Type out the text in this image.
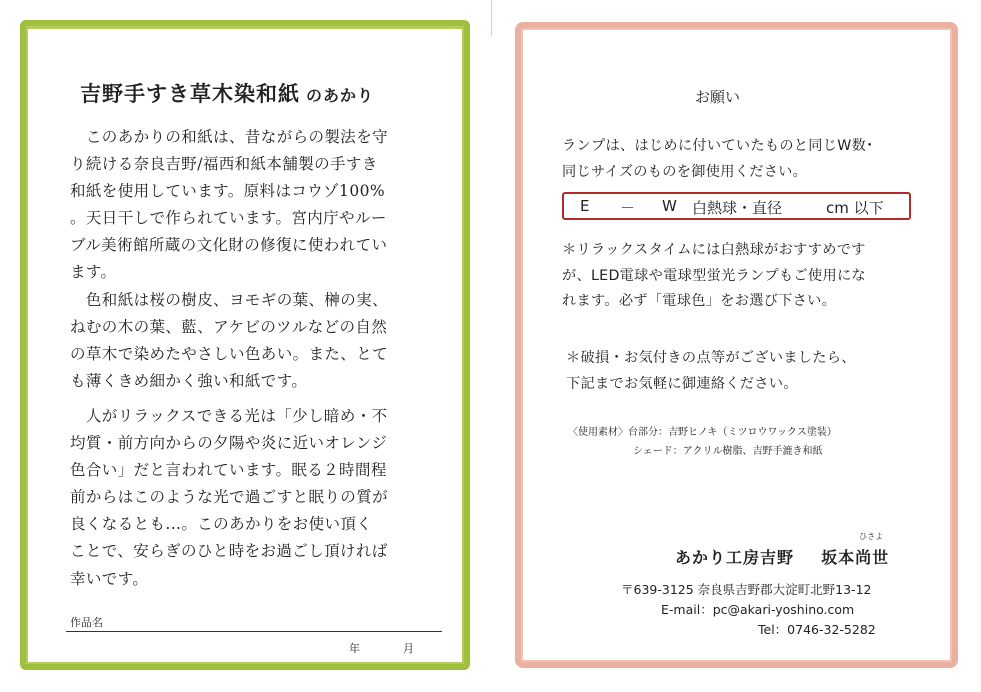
吉野手すき草木染和紙 のあかり

　このあかりの和紙は、昔ながらの製法を守

り続ける奈良吉野/福西和紙本舗製の手すき

和紙を使用しています。原料はコウゾ100%

。天日干しで作られています。宮内庁やルー

ブル美術館所蔵の文化財の修復に使われてい

ます。

　色和紙は桜の樹皮、ヨモギの葉、榊の実、

ねむの木の葉、藍、アケビのツルなどの自然

の草木で染めたやさしい色あい。また、とて

も薄くきめ細かく強い和紙です。

　人がリラックスできる光は「少し暗め・不

均質・前方向からの夕陽や炎に近いオレンジ

色合い」だと言われています。眠る２時間程

前からはこのような光で過ごすと眠りの質が

良くなるとも...。このあかりをお使い頂く

ことで、安らぎのひと時をお過ごし頂ければ

幸いです。

作品名
年	月
お願い
ランプは、はじめに付いていたものと同じW数･
同じサイズのものを御使用ください。
E － W 白熱球・直径	cm 以下
＊リラックスタイムには白熱球がおすすめです
が、LED電球や電球型蛍光ランプもご使用にな
れます。必ず「電球色」をお選び下さい。
＊破損・お気付きの点等がございましたら、
下記までお気軽に御連絡ください。
〈使用素材〉台部分：吉野ヒノキ（ミツロウワックス塗装）
シェード：アクリル樹脂、吉野手漉き和紙
あかり工房吉野 坂本尚世
ひさよ
〒639-3125 奈良県吉野郡大淀町北野13-12
E-mail：pc@akari-yoshino.com
Tel：0746-32-5282
